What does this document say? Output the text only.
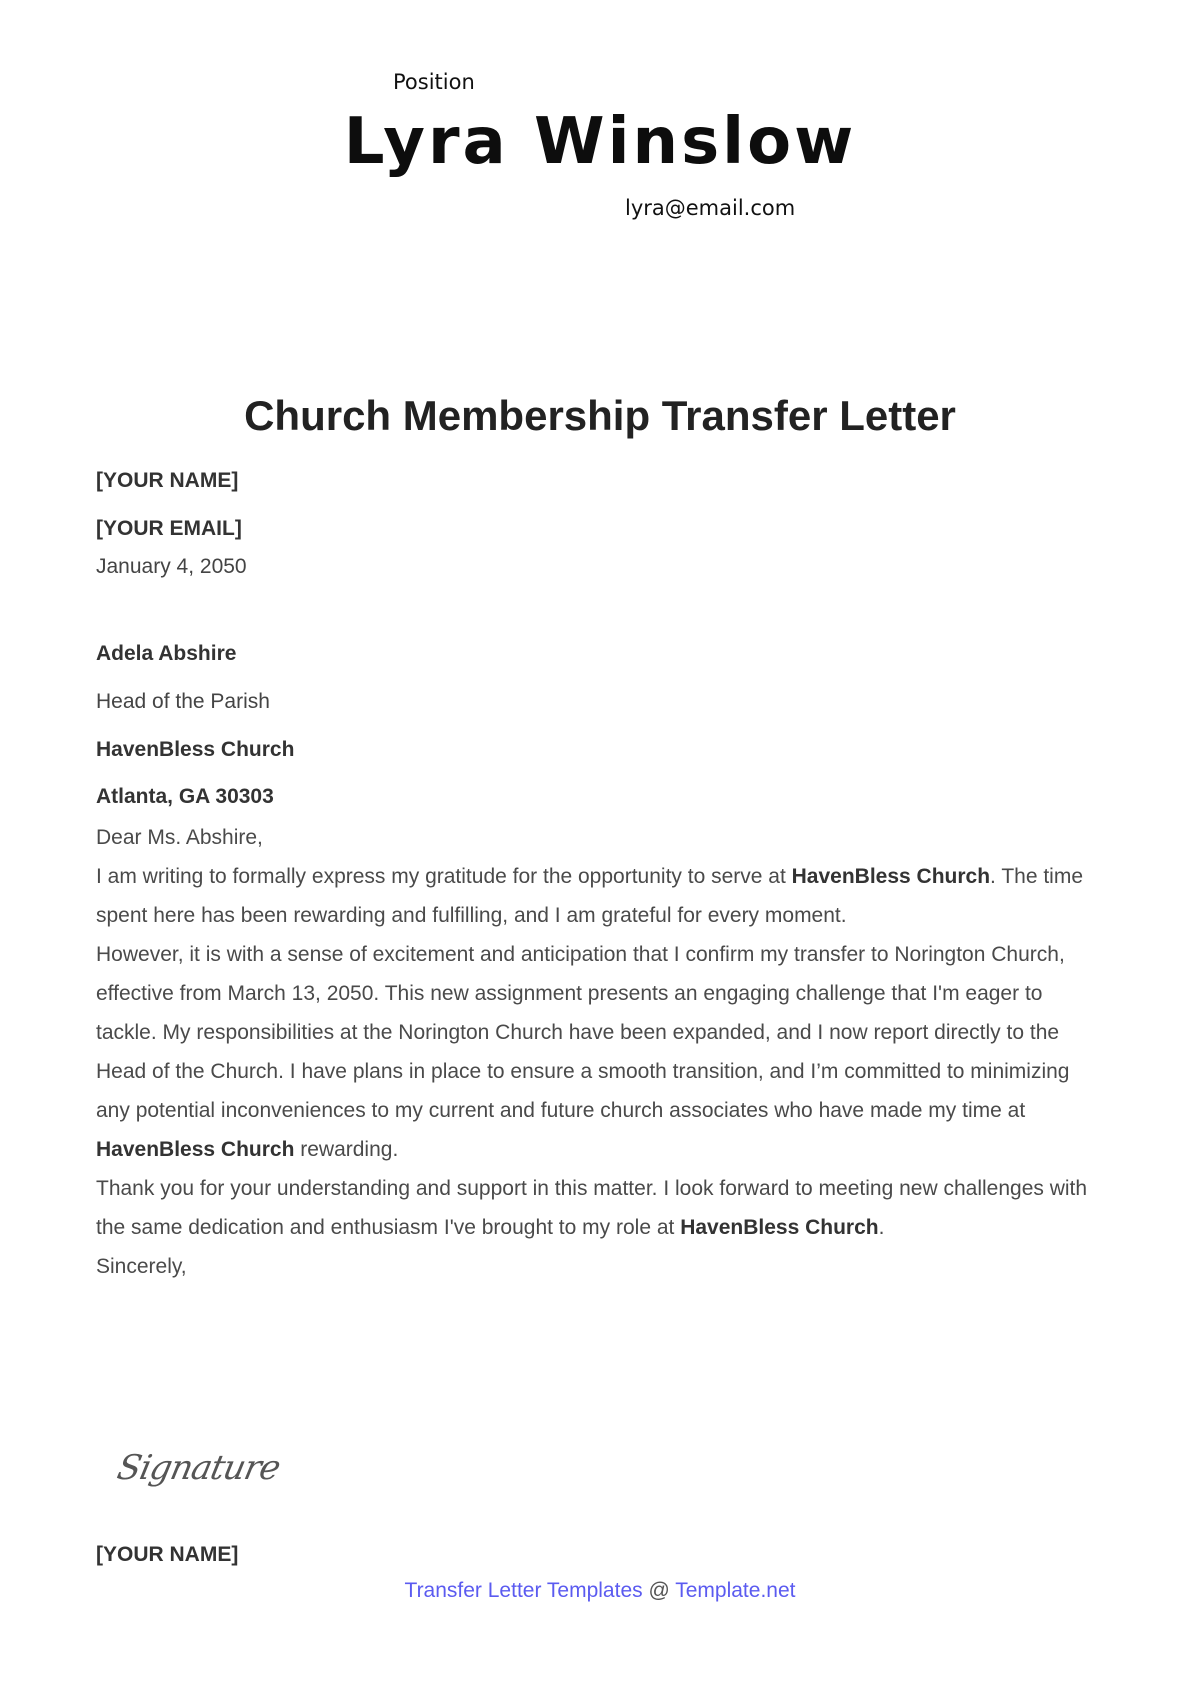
Position
Lyra Winslow
lyra@email.com
Church Membership Transfer Letter
[YOUR NAME]
[YOUR EMAIL]
January 4, 2050
Adela Abshire
Head of the Parish
HavenBless Church
Atlanta, GA 30303

Dear Ms. Abshire,

I am writing to formally express my gratitude for the opportunity to serve at HavenBless Church. The time spent here has been rewarding and fulfilling, and I am grateful for every moment.

However, it is with a sense of excitement and anticipation that I confirm my transfer to Norington Church, effective from March 13, 2050. This new assignment presents an engaging challenge that I'm eager to tackle. My responsibilities at the Norington Church have been expanded, and I now report directly to the Head of the Church. I have plans in place to ensure a smooth transition, and I’m committed to minimizing any potential inconveniences to my current and future church associates who have made my time at HavenBless Church rewarding.

Thank you for your understanding and support in this matter. I look forward to meeting new challenges with the same dedication and enthusiasm I've brought to my role at HavenBless Church.

Sincerely,

Signature
[YOUR NAME]
Transfer Letter Templates @ Template.net
